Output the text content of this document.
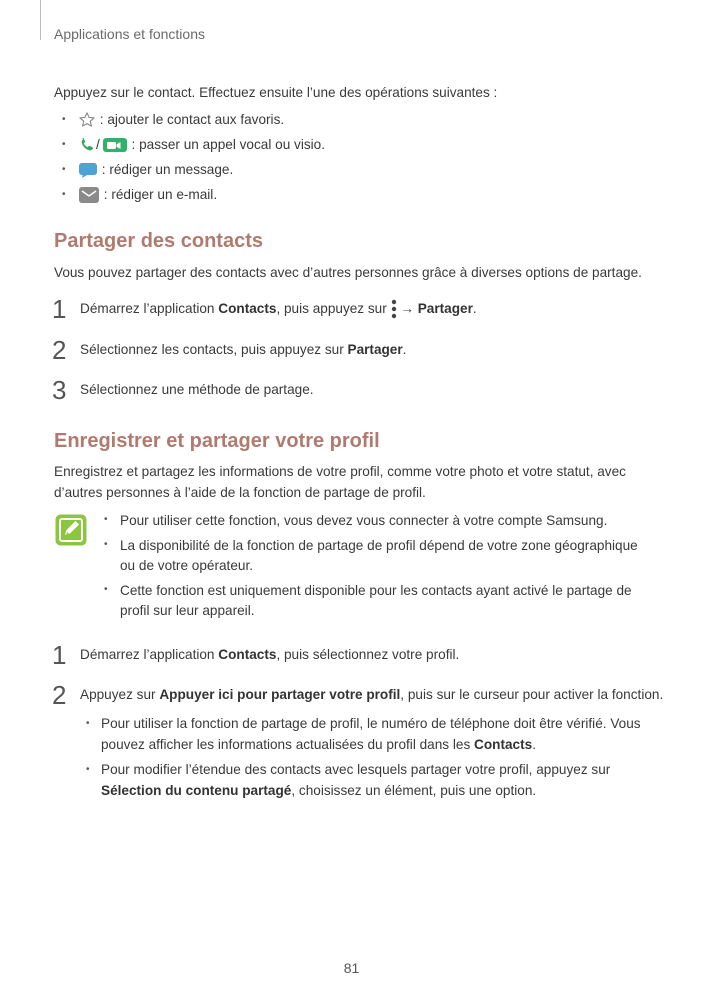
Applications et fonctions
Appuyez sur le contact. Effectuez ensuite l’une des opérations suivantes :
•	: ajouter le contact aux favoris.
•	/ : passer un appel vocal ou visio.
•	: rédiger un message.
•	: rédiger un e-mail.
Partager des contacts
Vous pouvez partager des contacts avec d’autres personnes grâce à diverses options de partage.
1 Démarrez l’application Contacts, puis appuyez sur  → Partager.
2 Sélectionnez les contacts, puis appuyez sur Partager.
3 Sélectionnez une méthode de partage.
Enregistrer et partager votre profil
Enregistrez et partagez les informations de votre profil, comme votre photo et votre statut, avec
d’autres personnes à l’aide de la fonction de partage de profil.
• Pour utiliser cette fonction, vous devez vous connecter à votre compte Samsung.
• La disponibilité de la fonction de partage de profil dépend de votre zone géographique
ou de votre opérateur.
• Cette fonction est uniquement disponible pour les contacts ayant activé le partage de
profil sur leur appareil.
1 Démarrez l’application Contacts, puis sélectionnez votre profil.
2 Appuyez sur Appuyer ici pour partager votre profil, puis sur le curseur pour activer la fonction.
• Pour utiliser la fonction de partage de profil, le numéro de téléphone doit être vérifié. Vous
pouvez afficher les informations actualisées du profil dans les Contacts.
• Pour modifier l’étendue des contacts avec lesquels partager votre profil, appuyez sur
Sélection du contenu partagé, choisissez un élément, puis une option.
81
